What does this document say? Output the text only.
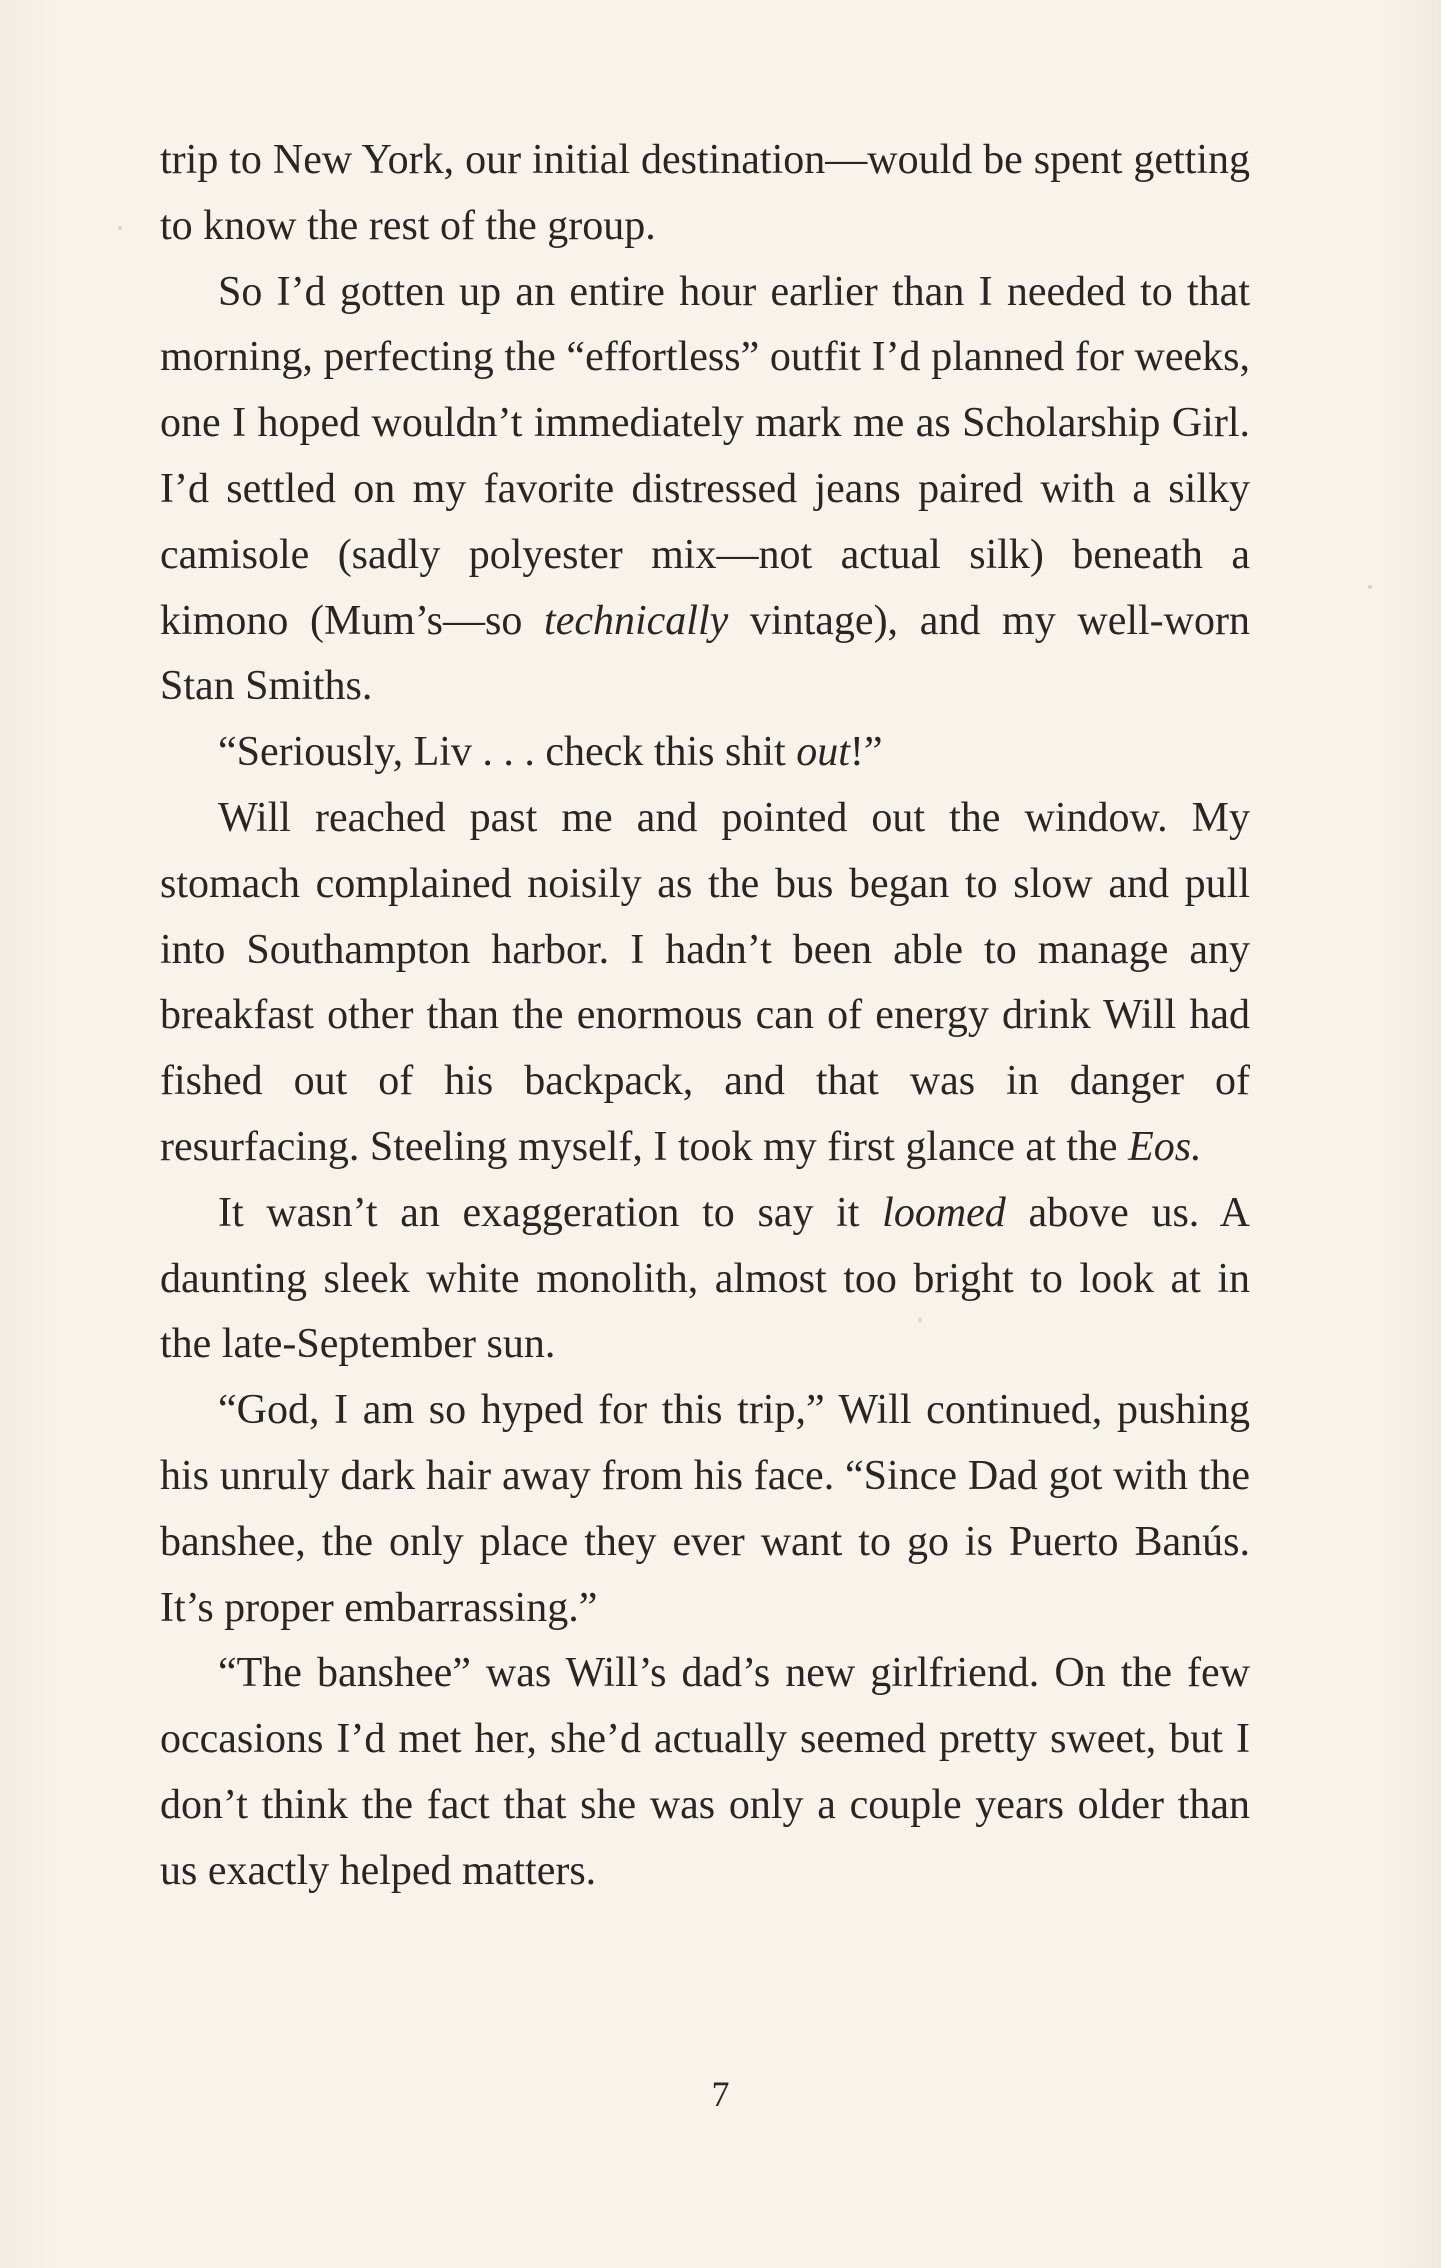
trip to New York, our initial destination—would be spent getting to know the rest of the group.

So I’d gotten up an entire hour earlier than I needed to that morning, perfecting the “effortless” outfit I’d planned for weeks, one I hoped wouldn’t immediately mark me as Scholarship Girl. I’d settled on my favorite distressed jeans paired with a silky camisole (sadly polyester mix—not actual silk) beneath a kimono (Mum’s—so technically vintage), and my well-worn Stan Smiths.

“Seriously, Liv . . . check this shit out!”

Will reached past me and pointed out the window. My stomach complained noisily as the bus began to slow and pull into Southampton harbor. I hadn’t been able to manage any breakfast other than the enormous can of energy drink Will had fished out of his backpack, and that was in danger of resurfacing. Steeling myself, I took my first glance at the Eos.

It wasn’t an exaggeration to say it loomed above us. A daunting sleek white monolith, almost too bright to look at in the late-September sun.

“God, I am so hyped for this trip,” Will continued, pushing his unruly dark hair away from his face. “Since Dad got with the banshee, the only place they ever want to go is Puerto Banús. It’s proper embarrassing.”

“The banshee” was Will’s dad’s new girlfriend. On the few occasions I’d met her, she’d actually seemed pretty sweet, but I don’t think the fact that she was only a couple years older than us exactly helped matters.

7
